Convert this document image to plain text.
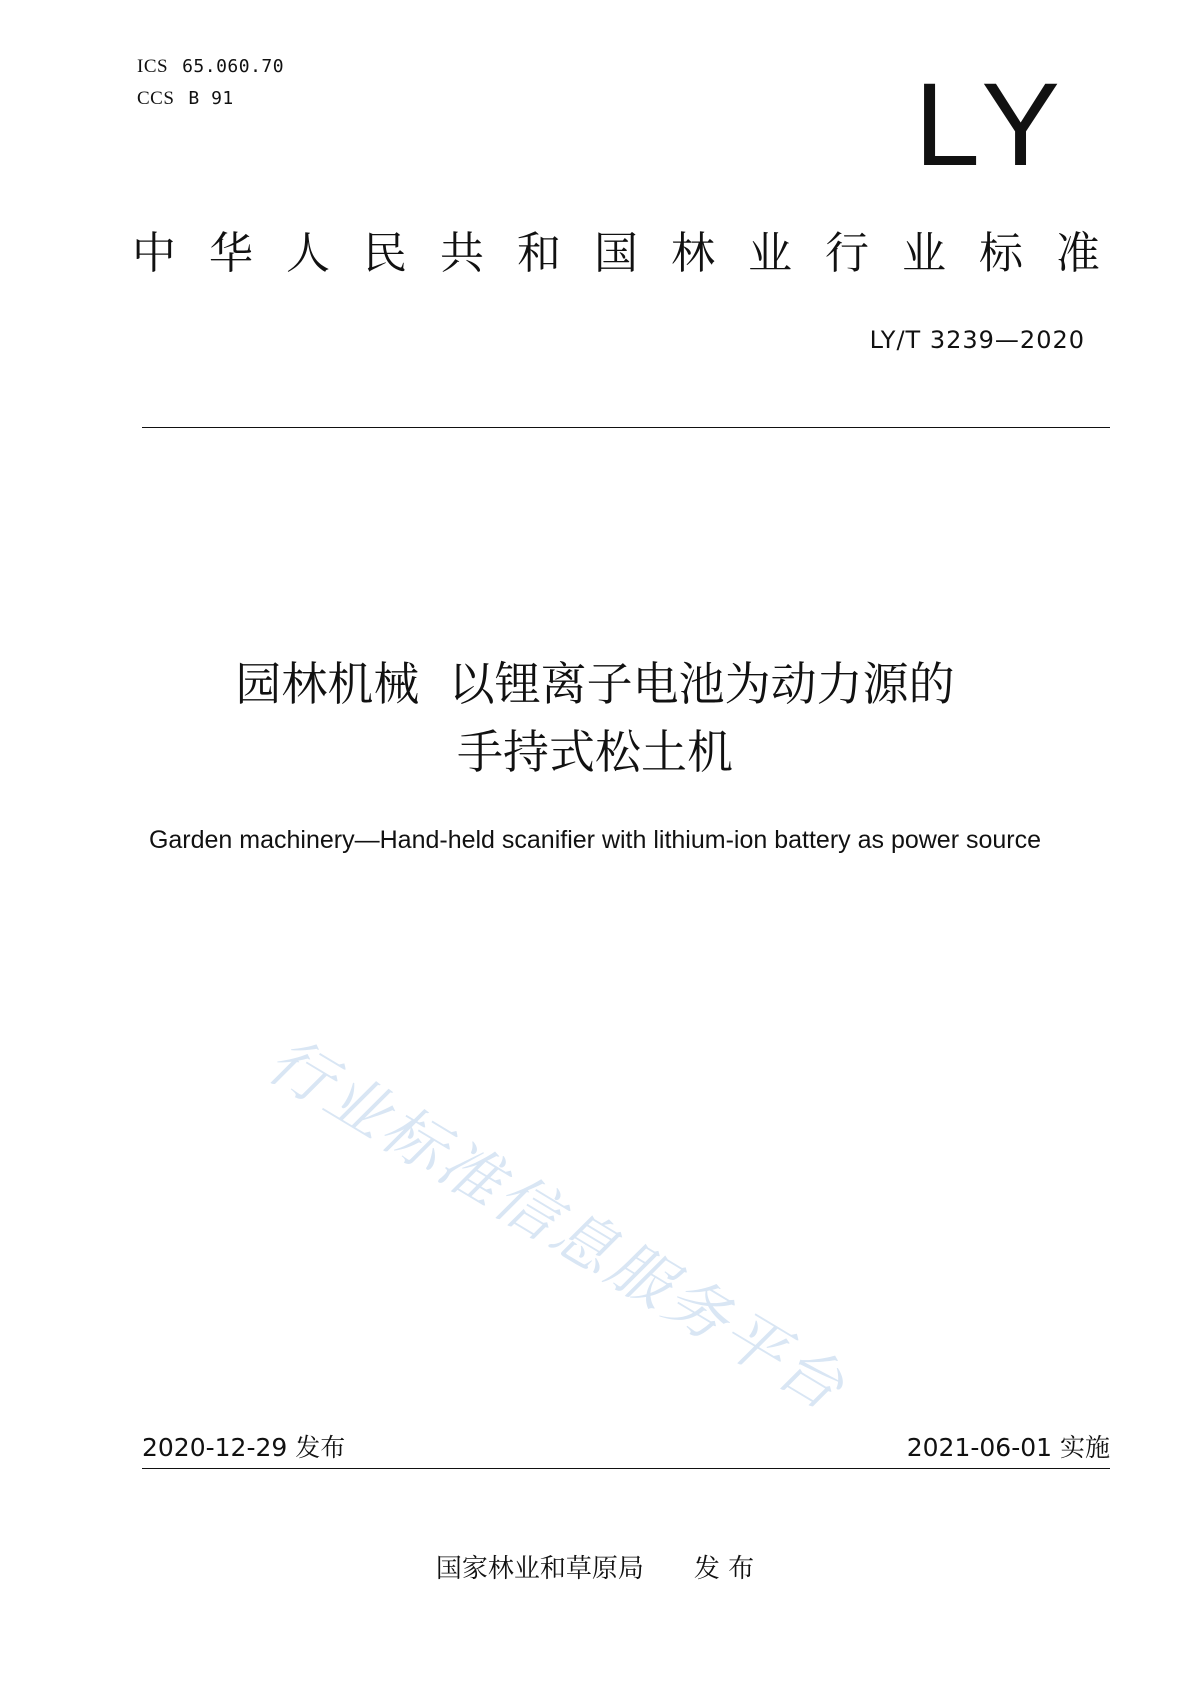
ICS 65.060.70
CCS B 91	LY
中 华 人 民 共 和 国 林 业 行 业 标 准
LY/T 3239—2020
园林机械  以锂离子电池为动力源的
手持式松土机
Garden machinery—Hand-held scanifier with lithium-ion battery as power source
行业标准信息服务平台
2020-12-29 发布	2021-06-01 实施
国家林业和草原局 发 布
